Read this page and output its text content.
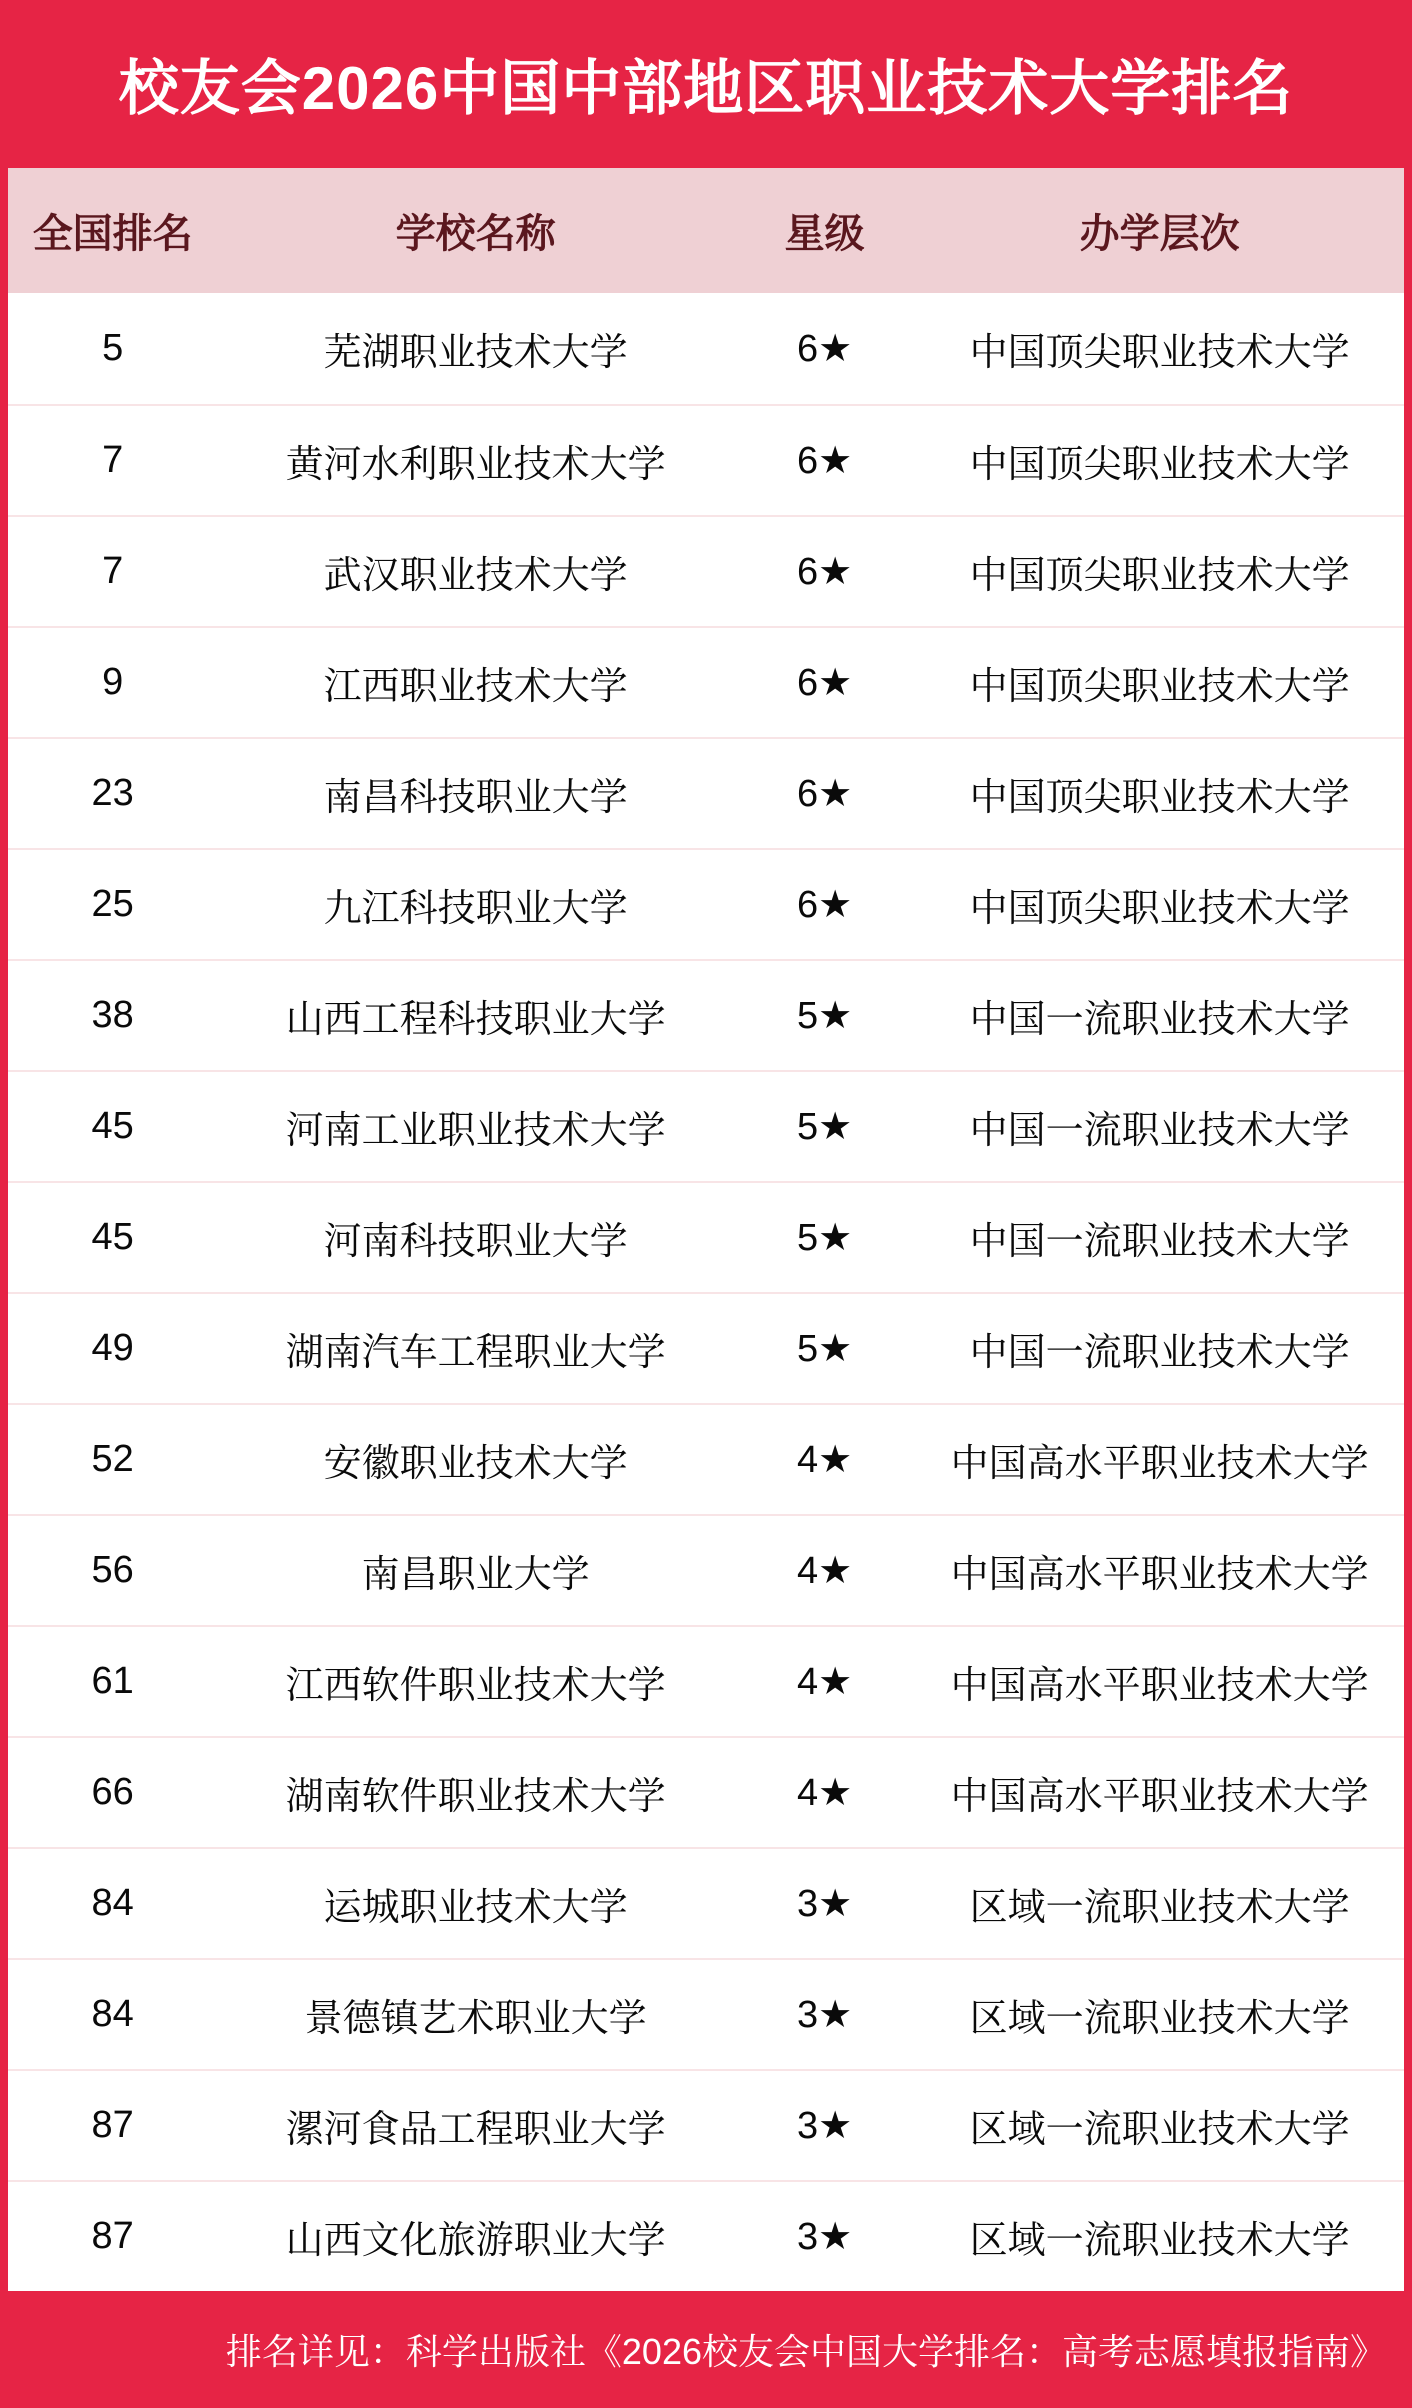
校友会2026中国中部地区职业技术大学排名
全国排名	学校名称	星级	办学层次
5	芜湖职业技术大学	6★	中国顶尖职业技术大学
7	黄河水利职业技术大学	6★	中国顶尖职业技术大学
7	武汉职业技术大学	6★	中国顶尖职业技术大学
9	江西职业技术大学	6★	中国顶尖职业技术大学
23	南昌科技职业大学	6★	中国顶尖职业技术大学
25	九江科技职业大学	6★	中国顶尖职业技术大学
38	山西工程科技职业大学	5★	中国一流职业技术大学
45	河南工业职业技术大学	5★	中国一流职业技术大学
45	河南科技职业大学	5★	中国一流职业技术大学
49	湖南汽车工程职业大学	5★	中国一流职业技术大学
52	安徽职业技术大学	4★	中国高水平职业技术大学
56	南昌职业大学	4★	中国高水平职业技术大学
61	江西软件职业技术大学	4★	中国高水平职业技术大学
66	湖南软件职业技术大学	4★	中国高水平职业技术大学
84	运城职业技术大学	3★	区域一流职业技术大学
84	景德镇艺术职业大学	3★	区域一流职业技术大学
87	漯河食品工程职业大学	3★	区域一流职业技术大学
87	山西文化旅游职业大学	3★	区域一流职业技术大学
排名详见：科学出版社《2026校友会中国大学排名：高考志愿填报指南》
